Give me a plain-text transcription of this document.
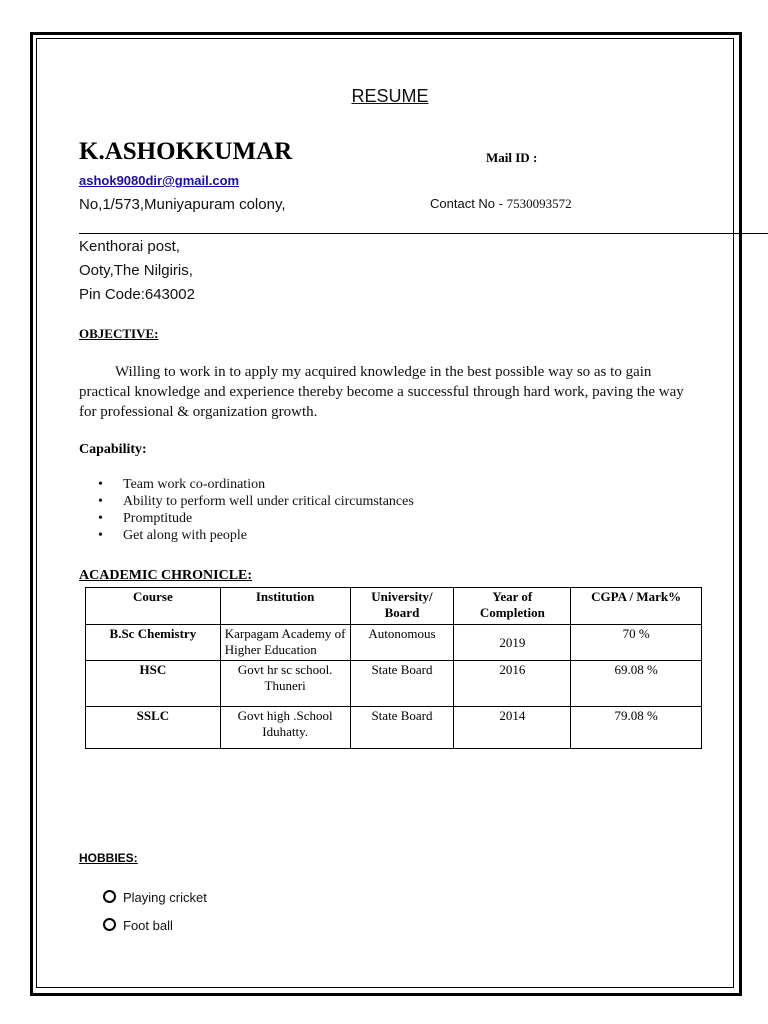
RESUME
K.ASHOKKUMAR	Mail ID :
ashok9080dir@gmail.com
No,1/573,Muniyapuram colony,	Contact No - 7530093572
Kenthorai post,
Ooty,The Nilgiris,
Pin Code:643002
OBJECTIVE:
Willing to work in to apply my acquired knowledge in the best possible way so as to gain practical knowledge and experience thereby become a successful through hard work, paving the way for professional & organization growth.
Capability:
• Team work co-ordination
• Ability to perform well under critical circumstances
• Promptitude
• Get along with people
ACADEMIC CHRONICLE:
Course	Institution	University/ Board	Year of Completion	CGPA / Mark%
B.Sc Chemistry	Karpagam Academy of Higher Education	Autonomous	2019	70 %
HSC	Govt hr sc school. Thuneri	State Board	2016	69.08 %
SSLC	Govt high .School Iduhatty.	State Board	2014	79.08 %
HOBBIES:
Playing cricket
Foot ball
